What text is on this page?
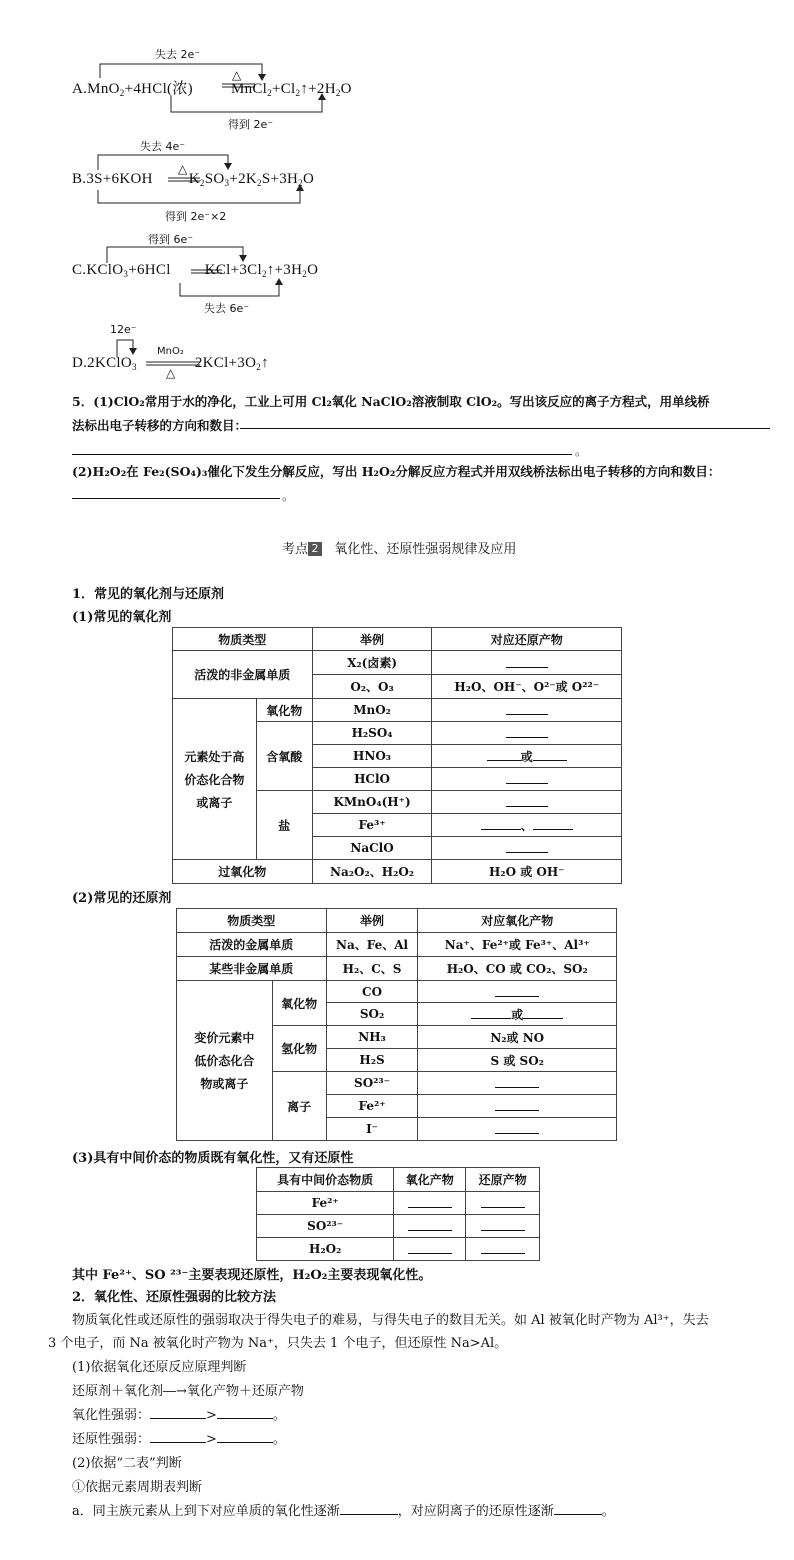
失去 2e⁻
A.MnO$_2$+4HCl(浓)	$MnCl_2+Cl_2↑+2H_2O$
△
得到 2e⁻
失去 4e⁻
B.3S+6KOH $K_2SO_3+2K_2S+3H_2O$
△
得到 2e⁻×2
得到 6e⁻
C.KClO$_3$+6HCl $KCl+3Cl_2↑+3H_2O$
失去 6e⁻
12e⁻
D.2KClO$_3$	$2KCl+3O_2↑$
MnO₂
△
5．(1)ClO₂常用于水的净化，工业上可用 Cl₂氧化 NaClO₂溶液制取 ClO₂。写出该反应的离子方程式，用单线桥
法标出电子转移的方向和数目：
。
(2)H₂O₂在 Fe₂(SO₄)₃催化下发生分解反应，写出 H₂O₂分解反应方程式并用双线桥法标出电子转移的方向和数目：
。
考点 2 氧化性、还原性强弱规律及应用
1．常见的氧化剂与还原剂
(1)常见的氧化剂
物质类型		举例	对应还原产物
活泼的非金属单质		X₂(卤素)	
		O₂、O₃	H₂O、OH⁻、O²⁻或 O²²⁻

元素处于高
价态化合物
或离子	氧化物	MnO₂	
	含氧酸	H₂SO₄	
		HNO₃	或
		HClO	
	盐	KMnO₄(H⁺)	
		Fe³⁺	、
		NaClO	
过氧化物		Na₂O₂、H₂O₂	H₂O 或 OH⁻
(2)常见的还原剂
物质类型		举例	对应氧化产物
活泼的金属单质		Na、Fe、Al	Na⁺、Fe²⁺或 Fe³⁺、Al³⁺
某些非金属单质		H₂、C、S	H₂O、CO 或 CO₂、SO₂

变价元素中
低价态化合
物或离子	氧化物	CO	
		SO₂	或
	氢化物	NH₃	N₂或 NO
		H₂S	S 或 SO₂
	离子	SO²³⁻	
		Fe²⁺	
		I⁻	
(3)具有中间价态的物质既有氧化性，又有还原性
具有中间价态物质	氧化产物	还原产物
Fe²⁺		
SO²³⁻		
H₂O₂		
其中 Fe²⁺、SO ²³⁻主要表现还原性，H₂O₂主要表现氧化性。
2．氧化性、还原性强弱的比较方法
物质氧化性或还原性的强弱取决于得失电子的难易，与得失电子的数目无关。如 Al 被氧化时产物为 Al³⁺，失去
3 个电子，而 Na 被氧化时产物为 Na⁺，只失去 1 个电子，但还原性 Na>Al。
(1)依据氧化还原反应原理判断
还原剂＋氧化剂―→氧化产物＋还原产物
氧化性强弱：	>	。
还原性强弱：	>	。
(2)依据“二表”判断
①依据元素周期表判断
a．同主族元素从上到下对应单质的氧化性逐渐	，对应阴离子的还原性逐渐	。
